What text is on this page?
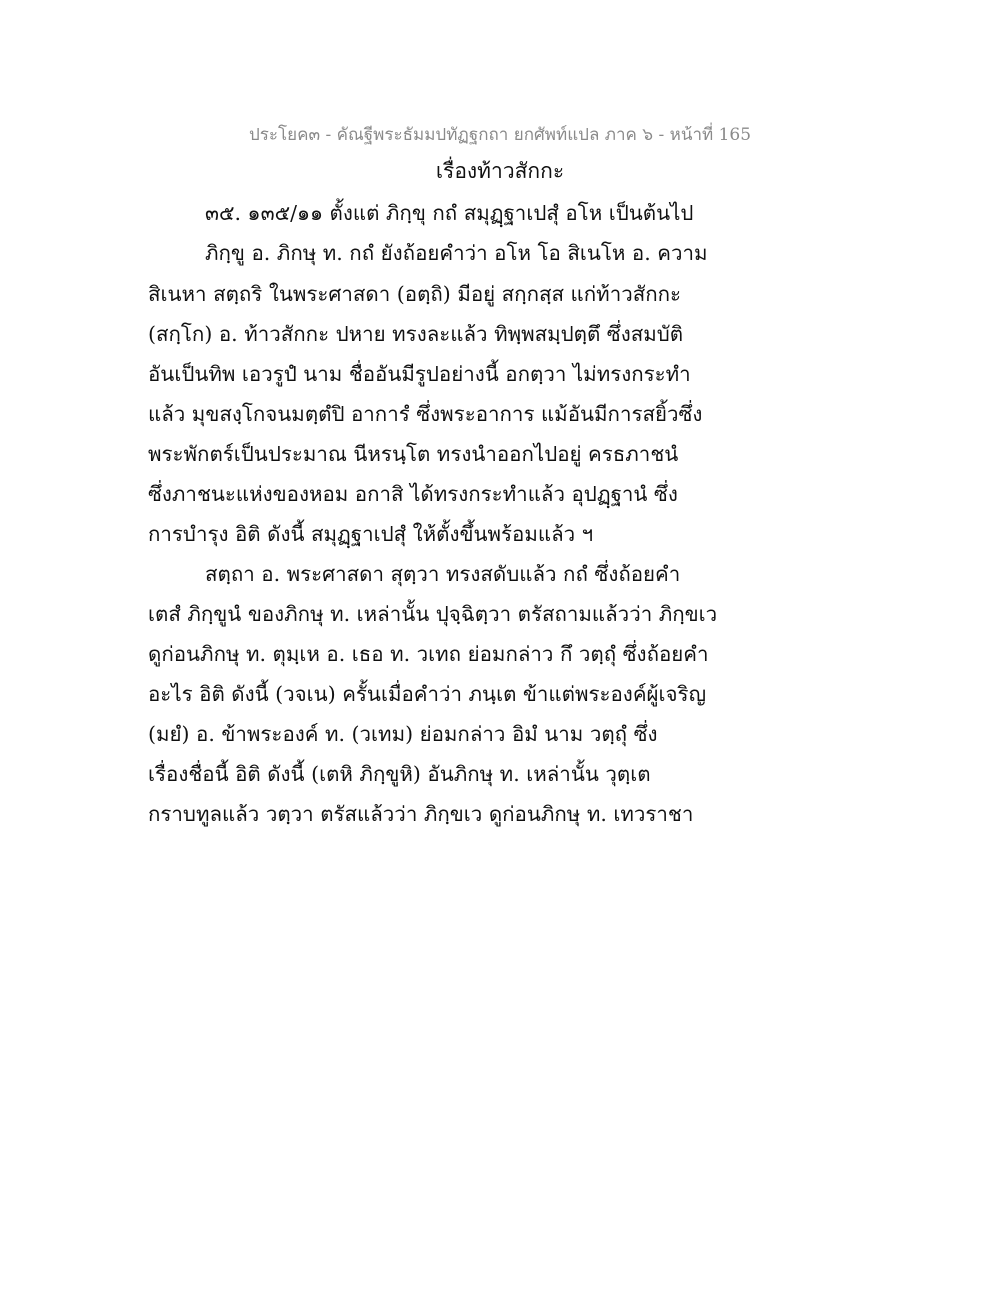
ประโยค๓ - คัณฐีพระธัมมปทัฏฐกถา ยกศัพท์แปล ภาค ๖ - หน้าที่ 165
เรื่องท้าวสักกะ
๓๕. ๑๓๕/๑๑ ตั้งแต่ ภิกฺขุ กถํ สมุฏฺฐาเปสุํ อโห เป็นต้นไป
ภิกฺขู อ. ภิกษุ ท. กถํ ยังถ้อยคำว่า อโห โอ สิเนโห อ. ความ
สิเนหา สตฺถริ ในพระศาสดา (อตฺถิ) มีอยู่ สกฺกสฺส แก่ท้าวสักกะ
(สกฺโก) อ. ท้าวสักกะ ปหาย ทรงละแล้ว ทิพฺพสมฺปตฺตึ ซึ่งสมบัติ
อันเป็นทิพ เอวรูปํ นาม ชื่ออันมีรูปอย่างนี้ อกตฺวา ไม่ทรงกระทำ
แล้ว มุขสงฺโกจนมตฺตํปิ อาการํ ซึ่งพระอาการ แม้อันมีการสยิ้วซึ่ง
พระพักตร์เป็นประมาณ นีหรนฺโต ทรงนำออกไปอยู่ ครธภาชนํ
ซึ่งภาชนะแห่งของหอม อกาสิ ได้ทรงกระทำแล้ว อุปฏฺฐานํ ซึ่ง
การบำรุง อิติ ดังนี้ สมุฏฺฐาเปสุํ ให้ตั้งขึ้นพร้อมแล้ว ฯ
สตฺถา อ. พระศาสดา สุตฺวา ทรงสดับแล้ว กถํ ซึ่งถ้อยคำ
เตสํ ภิกฺขูนํ ของภิกษุ ท. เหล่านั้น ปุจฺฉิตฺวา ตรัสถามแล้วว่า ภิกฺขเว
ดูก่อนภิกษุ ท. ตุมฺเห อ. เธอ ท. วเทถ ย่อมกล่าว กึ วตฺถุํ ซึ่งถ้อยคำ
อะไร อิติ ดังนี้ (วจเน) ครั้นเมื่อคำว่า ภนฺเต ข้าแต่พระองค์ผู้เจริญ
(มยํ) อ. ข้าพระองค์ ท. (วเทม) ย่อมกล่าว อิมํ นาม วตฺถุํ ซึ่ง
เรื่องชื่อนี้ อิติ ดังนี้ (เตหิ ภิกฺขูหิ) อันภิกษุ ท. เหล่านั้น วุตฺเต
กราบทูลแล้ว วตฺวา ตรัสแล้วว่า ภิกฺขเว ดูก่อนภิกษุ ท. เทวราชา
